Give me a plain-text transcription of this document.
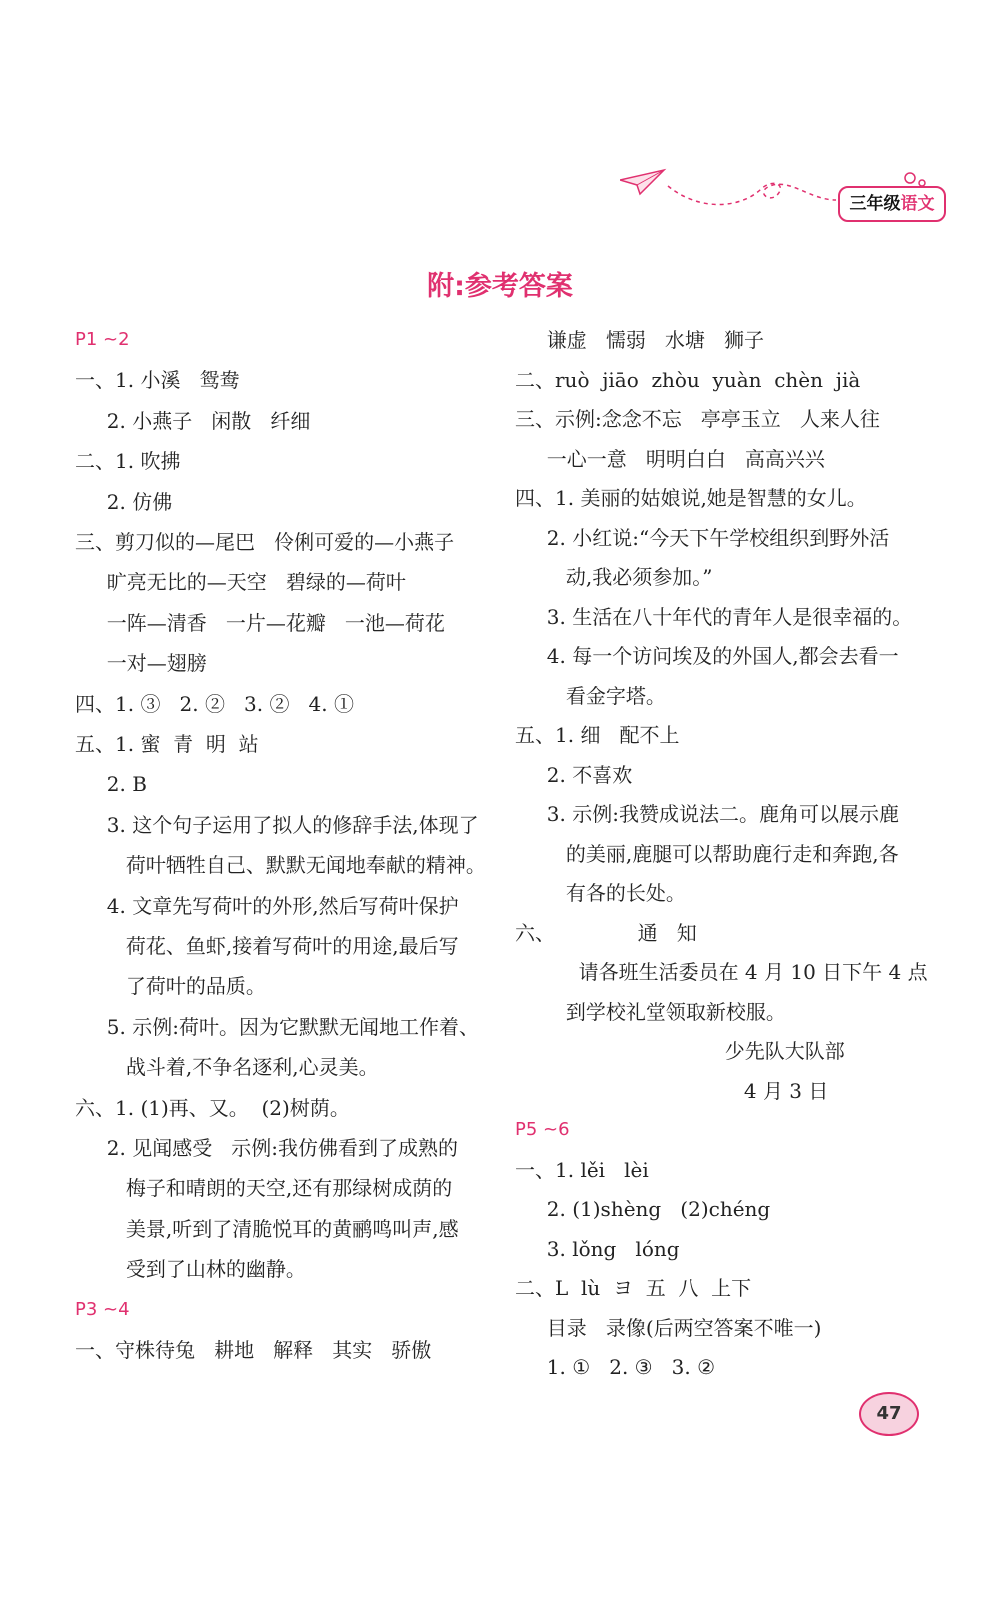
三年级语文
附:参考答案
P1 ~2
一、1. 小溪   鸳鸯
2. 小燕子   闲散   纤细
二、1. 吹拂
2. 仿佛
三、剪刀似的—尾巴   伶俐可爱的—小燕子
旷亮无比的—天空   碧绿的—荷叶
一阵—清香   一片—花瓣   一池—荷花
一对—翅膀
四、1. ③   2. ②   3. ②   4. ①
五、1. 蜜  青  明  站
2. B
3. 这个句子运用了拟人的修辞手法,体现了
荷叶牺牲自己、默默无闻地奉献的精神。
4. 文章先写荷叶的外形,然后写荷叶保护
荷花、鱼虾,接着写荷叶的用途,最后写
了荷叶的品质。
5. 示例:荷叶。因为它默默无闻地工作着、
战斗着,不争名逐利,心灵美。
六、1. (1)再、又。  (2)树荫。
2. 见闻感受   示例:我仿佛看到了成熟的
梅子和晴朗的天空,还有那绿树成荫的
美景,听到了清脆悦耳的黄鹂鸣叫声,感
受到了山林的幽静。
P3 ~4
一、守株待兔   耕地   解释   其实   骄傲
谦虚   懦弱   水塘   狮子
二、ruò  jiāo  zhòu  yuàn  chèn  jià
三、示例:念念不忘   亭亭玉立   人来人往
一心一意   明明白白   高高兴兴
四、1. 美丽的姑娘说,她是智慧的女儿。
2. 小红说:“今天下午学校组织到野外活
动,我必须参加。”
3. 生活在八十年代的青年人是很幸福的。
4. 每一个访问埃及的外国人,都会去看一
看金字塔。
五、1. 细   配不上
2. 不喜欢
3. 示例:我赞成说法二。鹿角可以展示鹿
的美丽,鹿腿可以帮助鹿行走和奔跑,各
有各的长处。
六、             通   知
请各班生活委员在 4 月 10 日下午 4 点
到学校礼堂领取新校服。
少先队大队部
4 月 3 日
P5 ~6
一、1. lěi   lèi
2. (1)shèng   (2)chéng
3. lǒng   lóng
二、L  lù  ヨ  五  八  上下
目录   录像(后两空答案不唯一)
1. ①   2. ③   3. ②
47
